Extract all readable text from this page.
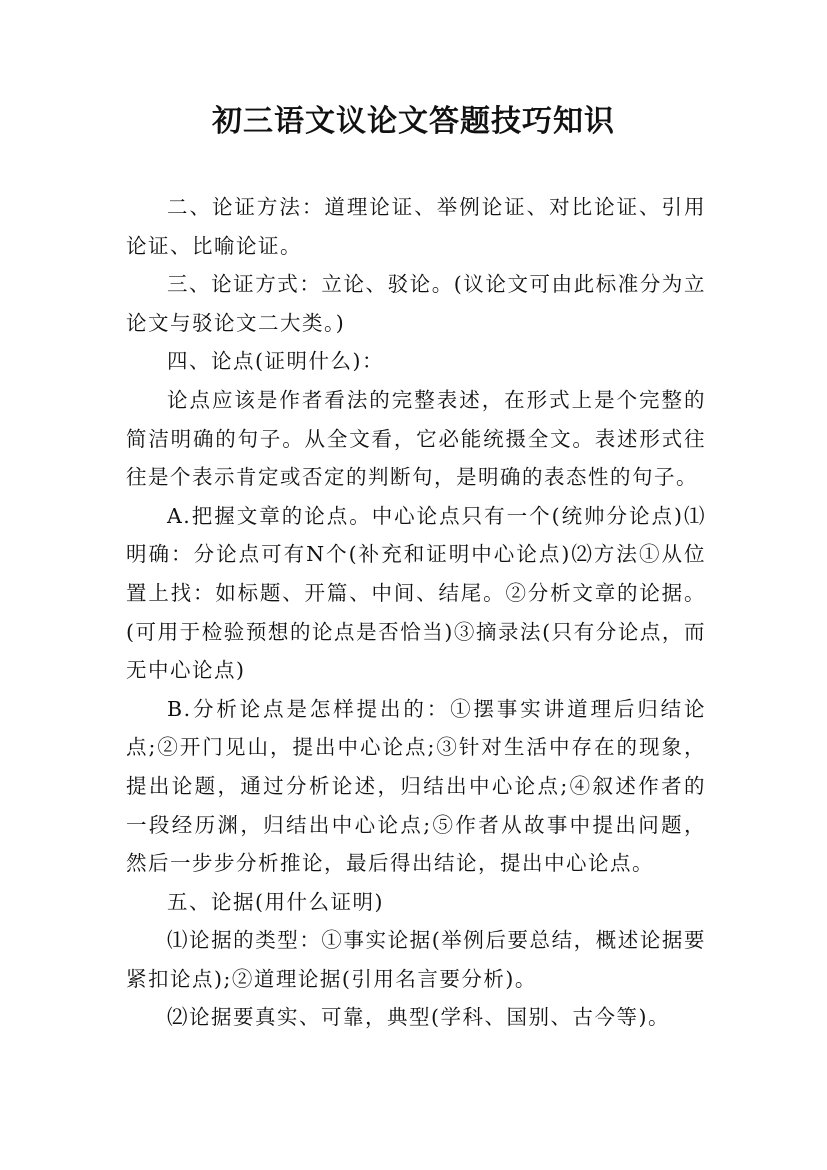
初三语文议论文答题技巧知识

二、论证方法：道理论证、举例论证、对比论证、引用论证、比喻论证。

三、论证方式：立论、驳论。(议论文可由此标准分为立论文与驳论文二大类。)

四、论点(证明什么)：

论点应该是作者看法的完整表述，在形式上是个完整的简洁明确的句子。从全文看，它必能统摄全文。表述形式往往是个表示肯定或否定的判断句，是明确的表态性的句子。

A.把握文章的论点。中心论点只有一个(统帅分论点)⑴明确：分论点可有N个(补充和证明中心论点)⑵方法①从位置上找：如标题、开篇、中间、结尾。②分析文章的论据。(可用于检验预想的论点是否恰当)③摘录法(只有分论点，而无中心论点)

B.分析论点是怎样提出的：①摆事实讲道理后归结论点;②开门见山，提出中心论点;③针对生活中存在的现象，提出论题，通过分析论述，归结出中心论点;④叙述作者的一段经历渊，归结出中心论点;⑤作者从故事中提出问题，然后一步步分析推论，最后得出结论，提出中心论点。

五、论据(用什么证明)

⑴论据的类型：①事实论据(举例后要总结，概述论据要紧扣论点);②道理论据(引用名言要分析)。

⑵论据要真实、可靠，典型(学科、国别、古今等)。
